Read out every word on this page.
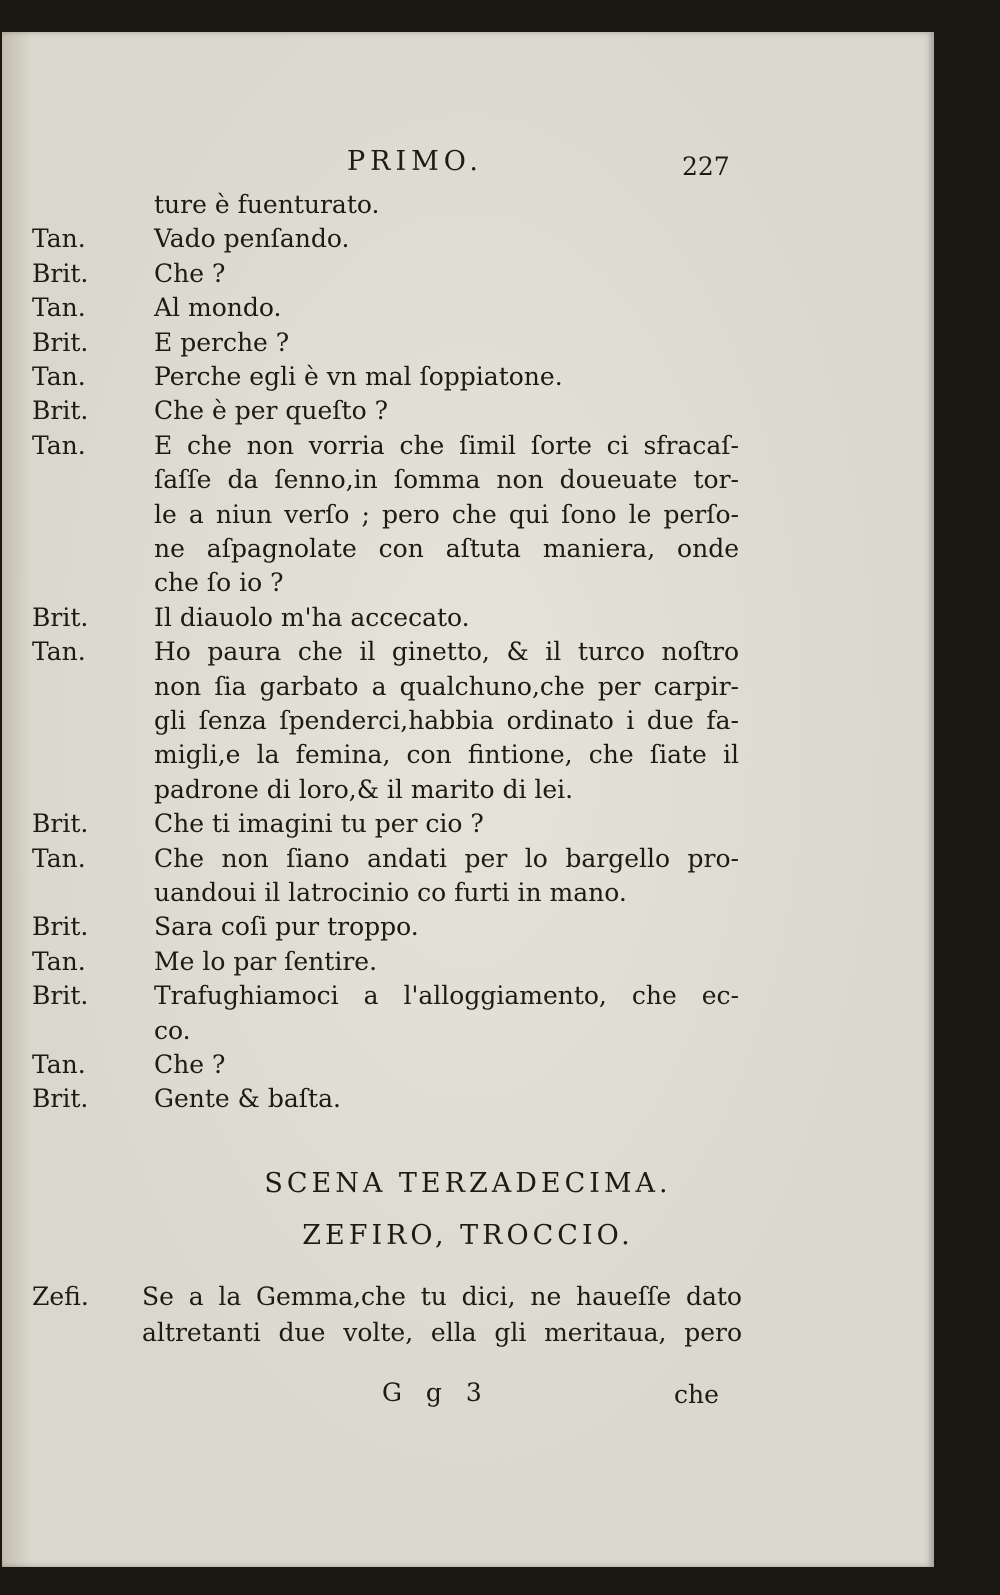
PRIMO.	227
ture è fuenturato.
Tan.	Vado penſando.
Brit.	Che ?
Tan.	Al mondo.
Brit.	E perche ?
Tan.	Perche egli è vn mal ſoppiatone.
Brit.	Che è per queſto ?
Tan.	E che non vorria che ſimil ſorte ci sfracaſ-
ſaſſe da ſenno,in ſomma non doueuate tor-
le a niun verſo ; pero che qui ſono le perſo-
ne aſpagnolate con aſtuta maniera, onde
che ſo io ?
Brit.	Il diauolo m'ha accecato.
Tan.	Ho paura che il ginetto, & il turco noſtro
non ſia garbato a qualchuno,che per carpir-
gli ſenza ſpenderci,habbia ordinato i due fa-
migli,e la femina, con fintione, che ſiate il
padrone di loro,& il marito di lei.
Brit.	Che ti imagini tu per cio ?
Tan.	Che non ſiano andati per lo bargello pro-
uandoui il latrocinio co furti in mano.
Brit.	Sara coſi pur troppo.
Tan.	Me lo par ſentire.
Brit.	Trafughiamoci a l'alloggiamento, che ec-
co.
Tan.	Che ?
Brit.	Gente & baſta.
SCENA TERZADECIMA.
ZEFIRO, TROCCIO.
Zefi.	Se a la Gemma,che tu dici, ne haueſſe dato
altretanti due volte, ella gli meritaua, pero
G g 3	che
